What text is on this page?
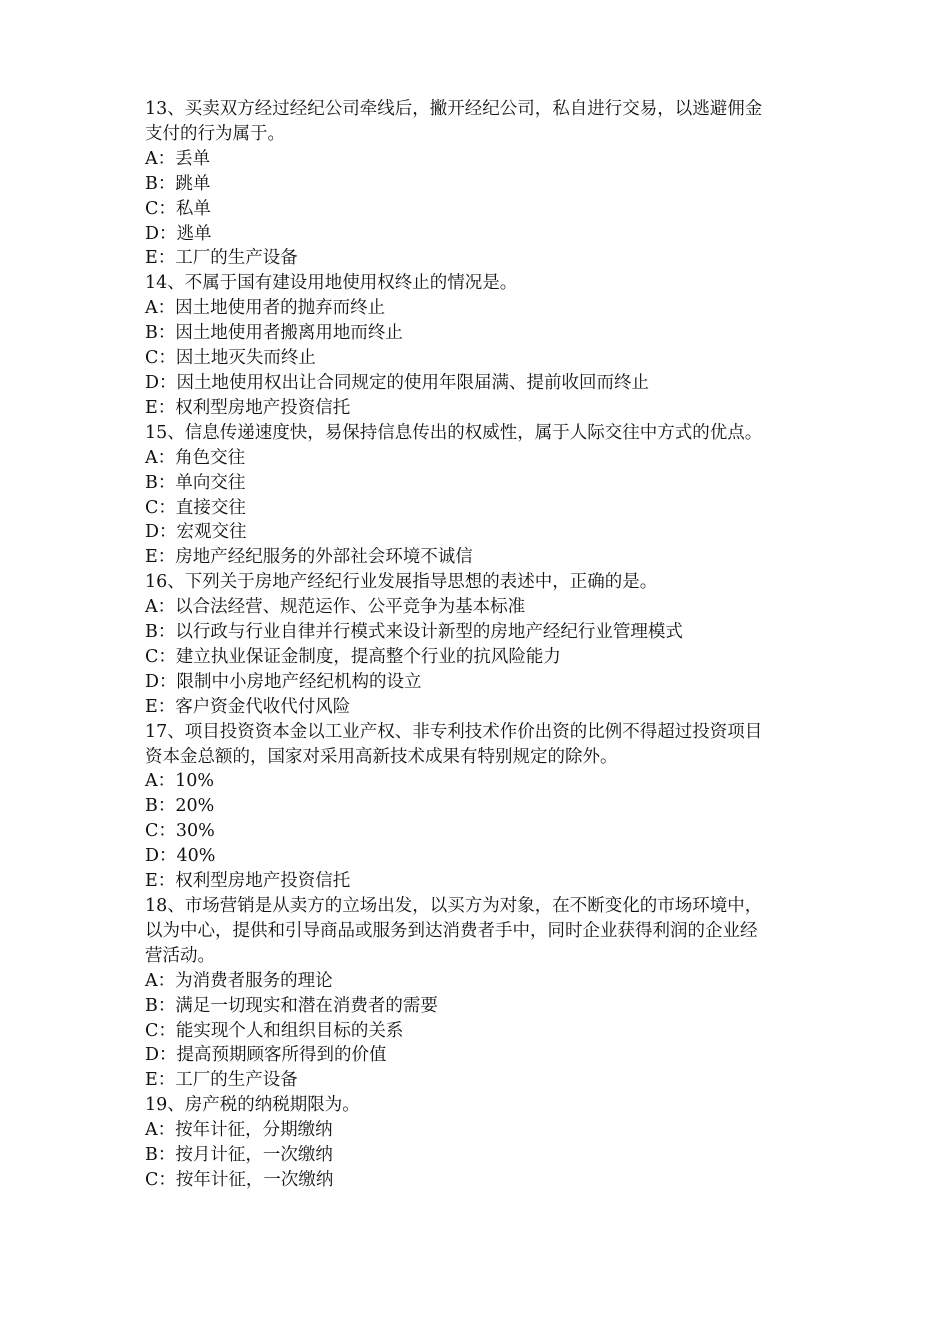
13、买卖双方经过经纪公司牵线后，撇开经纪公司，私自进行交易，以逃避佣金

支付的行为属于。

A：丢单

B：跳单

C：私单

D：逃单

E：工厂的生产设备

14、不属于国有建设用地使用权终止的情况是。

A：因土地使用者的抛弃而终止

B：因土地使用者搬离用地而终止

C：因土地灭失而终止

D：因土地使用权出让合同规定的使用年限届满、提前收回而终止

E：权利型房地产投资信托

15、信息传递速度快，易保持信息传出的权威性，属于人际交往中方式的优点。

A：角色交往

B：单向交往

C：直接交往

D：宏观交往

E：房地产经纪服务的外部社会环境不诚信

16、下列关于房地产经纪行业发展指导思想的表述中，正确的是。

A：以合法经营、规范运作、公平竞争为基本标准

B：以行政与行业自律并行模式来设计新型的房地产经纪行业管理模式

C：建立执业保证金制度，提高整个行业的抗风险能力

D：限制中小房地产经纪机构的设立

E：客户资金代收代付风险

17、项目投资资本金以工业产权、非专利技术作价出资的比例不得超过投资项目

资本金总额的，国家对采用高新技术成果有特别规定的除外。

A：10%

B：20%

C：30%

D：40%

E：权利型房地产投资信托

18、市场营销是从卖方的立场出发，以买方为对象，在不断变化的市场环境中，

以为中心，提供和引导商品或服务到达消费者手中，同时企业获得利润的企业经

营活动。

A：为消费者服务的理论

B：满足一切现实和潜在消费者的需要

C：能实现个人和组织目标的关系

D：提高预期顾客所得到的价值

E：工厂的生产设备

19、房产税的纳税期限为。

A：按年计征，分期缴纳

B：按月计征，一次缴纳

C：按年计征，一次缴纳
